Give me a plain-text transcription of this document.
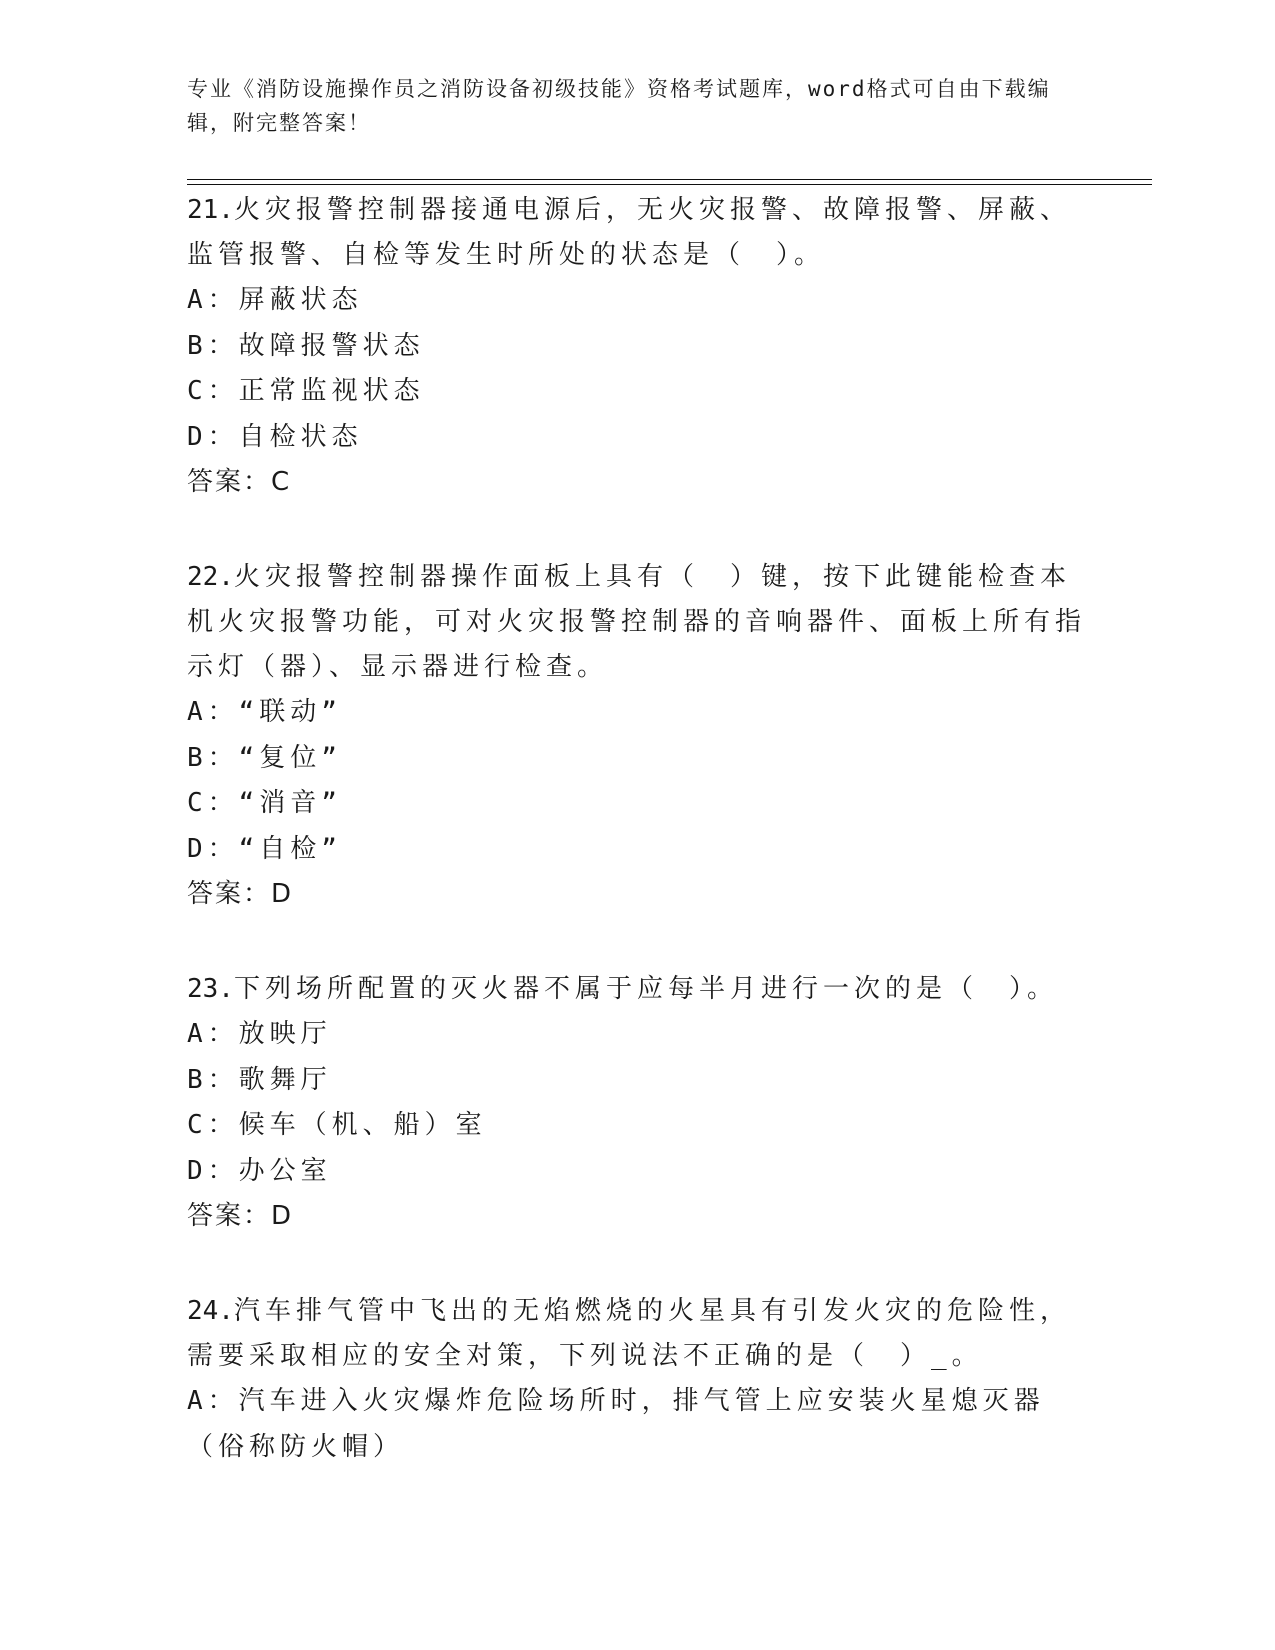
专业《消防设施操作员之消防设备初级技能》资格考试题库，word格式可自由下载编辑，附完整答案！

21.火灾报警控制器接通电源后，无火灾报警、故障报警、屏蔽、监管报警、自检等发生时所处的状态是（　）。

A：屏蔽状态

B：故障报警状态

C：正常监视状态

D：自检状态

答案：C

22.火灾报警控制器操作面板上具有（　）键，按下此键能检查本机火灾报警功能，可对火灾报警控制器的音响器件、面板上所有指示灯（器）、显示器进行检查。

A：“联动”

B：“复位”

C：“消音”

D：“自检”

答案：D

23.下列场所配置的灭火器不属于应每半月进行一次的是（　）。

A：放映厅

B：歌舞厅

C：候车（机、船）室

D：办公室

答案：D

24.汽车排气管中飞出的无焰燃烧的火星具有引发火灾的危险性，需要采取相应的安全对策，下列说法不正确的是（　）_。

A：汽车进入火灾爆炸危险场所时，排气管上应安装火星熄灭器（俗称防火帽）
